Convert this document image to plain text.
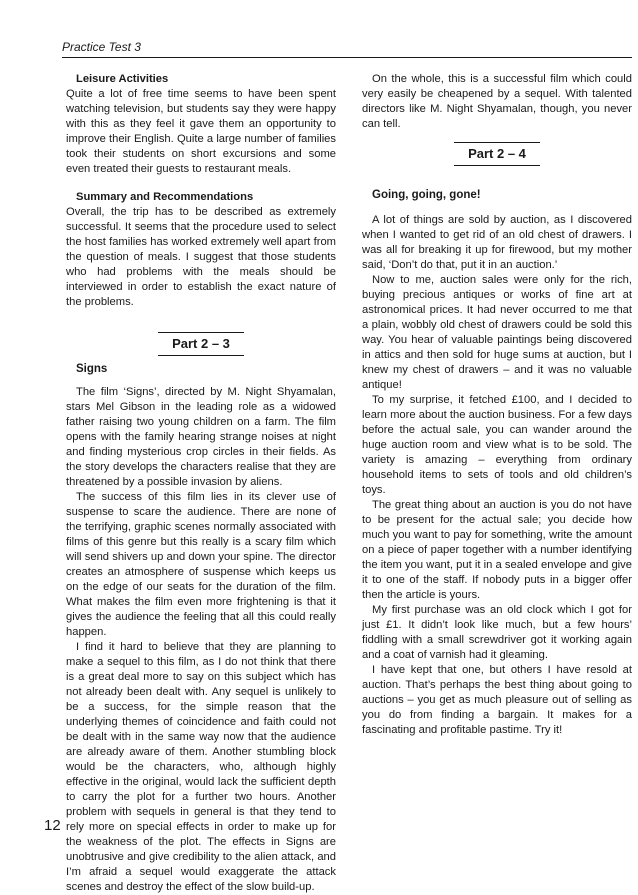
Practice Test 3

Leisure Activities

Quite a lot of free time seems to have been spent watching television, but students say they were happy with this as they feel it gave them an opportunity to improve their English. Quite a large number of families took their students on short excursions and some even treated their guests to restaurant meals.

Summary and Recommendations

Overall, the trip has to be described as extremely successful. It seems that the procedure used to select the host families has worked extremely well apart from the question of meals. I suggest that those students who had problems with the meals should be interviewed in order to establish the exact nature of the problems.

Part 2 – 3

Signs

The film ‘Signs’, directed by M. Night Shyamalan, stars Mel Gibson in the leading role as a widowed father raising two young children on a farm. The film opens with the family hearing strange noises at night and finding mysterious crop circles in their fields. As the story develops the characters realise that they are threatened by a possible invasion by aliens.

The success of this film lies in its clever use of suspense to scare the audience. There are none of the terrifying, graphic scenes normally associated with films of this genre but this really is a scary film which will send shivers up and down your spine. The director creates an atmosphere of suspense which keeps us on the edge of our seats for the duration of the film. What makes the film even more frightening is that it gives the audience the feeling that all this could really happen.

I find it hard to believe that they are planning to make a sequel to this film, as I do not think that there is a great deal more to say on this subject which has not already been dealt with. Any sequel is unlikely to be a success, for the simple reason that the underlying themes of coincidence and faith could not be dealt with in the same way now that the audience are already aware of them. Another stumbling block would be the characters, who, although highly effective in the original, would lack the sufficient depth to carry the plot for a further two hours. Another problem with sequels in general is that they tend to rely more on special effects in order to make up for the weakness of the plot. The effects in Signs are unobtrusive and give credibility to the alien attack, and I’m afraid a sequel would exaggerate the attack scenes and destroy the effect of the slow build-up.

On the whole, this is a successful film which could very easily be cheapened by a sequel. With talented directors like M. Night Shyamalan, though, you never can tell.

Part 2 – 4

Going, going, gone!

A lot of things are sold by auction, as I discovered when I wanted to get rid of an old chest of drawers. I was all for breaking it up for firewood, but my mother said, ‘Don’t do that, put it in an auction.’

Now to me, auction sales were only for the rich, buying precious antiques or works of fine art at astronomical prices. It had never occurred to me that a plain, wobbly old chest of drawers could be sold this way. You hear of valuable paintings being discovered in attics and then sold for huge sums at auction, but I knew my chest of drawers – and it was no valuable antique!

To my surprise, it fetched £100, and I decided to learn more about the auction business. For a few days before the actual sale, you can wander around the huge auction room and view what is to be sold. The variety is amazing – everything from ordinary household items to sets of tools and old children’s toys.

The great thing about an auction is you do not have to be present for the actual sale; you decide how much you want to pay for something, write the amount on a piece of paper together with a number identifying the item you want, put it in a sealed envelope and give it to one of the staff. If nobody puts in a bigger offer then the article is yours.

My first purchase was an old clock which I got for just £1. It didn’t look like much, but a few hours’ fiddling with a small screwdriver got it working again and a coat of varnish had it gleaming.

I have kept that one, but others I have resold at auction. That’s perhaps the best thing about going to auctions – you get as much pleasure out of selling as you do from finding a bargain. It makes for a fascinating and profitable pastime. Try it!

12
